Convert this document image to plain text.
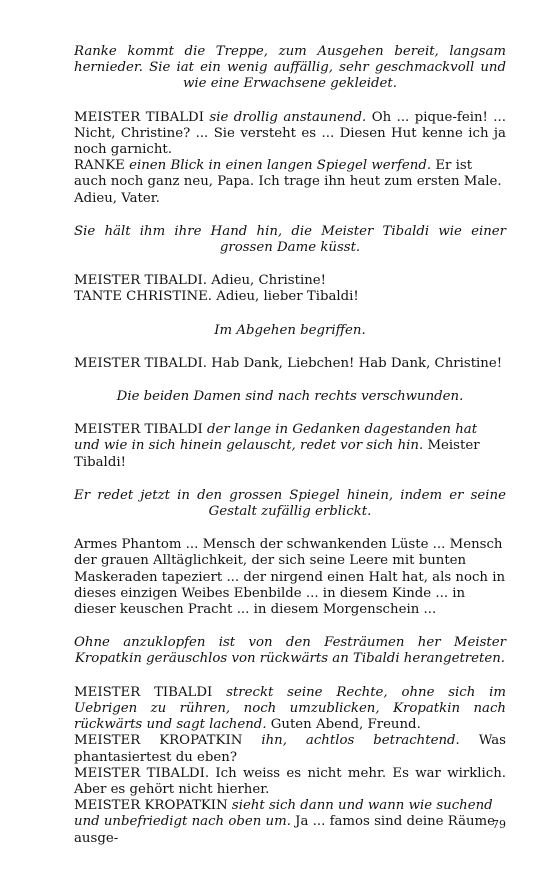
Ranke kommt die Treppe, zum Ausgehen bereit, langsam hernieder. Sie iat ein wenig auffällig, sehr geschmackvoll und wie eine Erwachsene gekleidet.

MEISTER TIBALDI sie drollig anstaunend. Oh ... pique-fein! ... Nicht, Christine? ... Sie versteht es ... Diesen Hut kenne ich ja noch garnicht.

RANKE einen Blick in einen langen Spiegel werfend. Er ist auch noch ganz neu, Papa. Ich trage ihn heut zum ersten Male. Adieu, Vater.

Sie hält ihm ihre Hand hin, die Meister Tibaldi wie einer grossen Dame küsst.

MEISTER TIBALDI. Adieu, Christine!

TANTE CHRISTINE. Adieu, lieber Tibaldi!

Im Abgehen begriffen.

MEISTER TIBALDI. Hab Dank, Liebchen! Hab Dank, Christine!

Die beiden Damen sind nach rechts verschwunden.

MEISTER TIBALDI der lange in Gedanken dagestanden hat und wie in sich hinein gelauscht, redet vor sich hin. Meister Tibaldi!

Er redet jetzt in den grossen Spiegel hinein, indem er seine Gestalt zufällig erblickt.

Armes Phantom ... Mensch der schwankenden Lüste ... Mensch der grauen Alltäglichkeit, der sich seine Leere mit bunten Maskeraden tapeziert ... der nirgend einen Halt hat, als noch in dieses einzigen Weibes Ebenbilde ... in diesem Kinde ... in dieser keuschen Pracht ... in diesem Morgenschein ...

Ohne anzuklopfen ist von den Festräumen her Meister Kropatkin geräuschlos von rückwärts an Tibaldi herangetreten.

MEISTER TIBALDI streckt seine Rechte, ohne sich im Uebrigen zu rühren, noch umzublicken, Kropatkin nach rückwärts und sagt lachend. Guten Abend, Freund.

MEISTER KROPATKIN ihn, achtlos betrachtend. Was phantasiertest du eben?

MEISTER TIBALDI. Ich weiss es nicht mehr. Es war wirklich. Aber es gehört nicht hierher.

MEISTER KROPATKIN sieht sich dann und wann wie suchend und unbefriedigt nach oben um. Ja ... famos sind deine Räume ausge-

79
